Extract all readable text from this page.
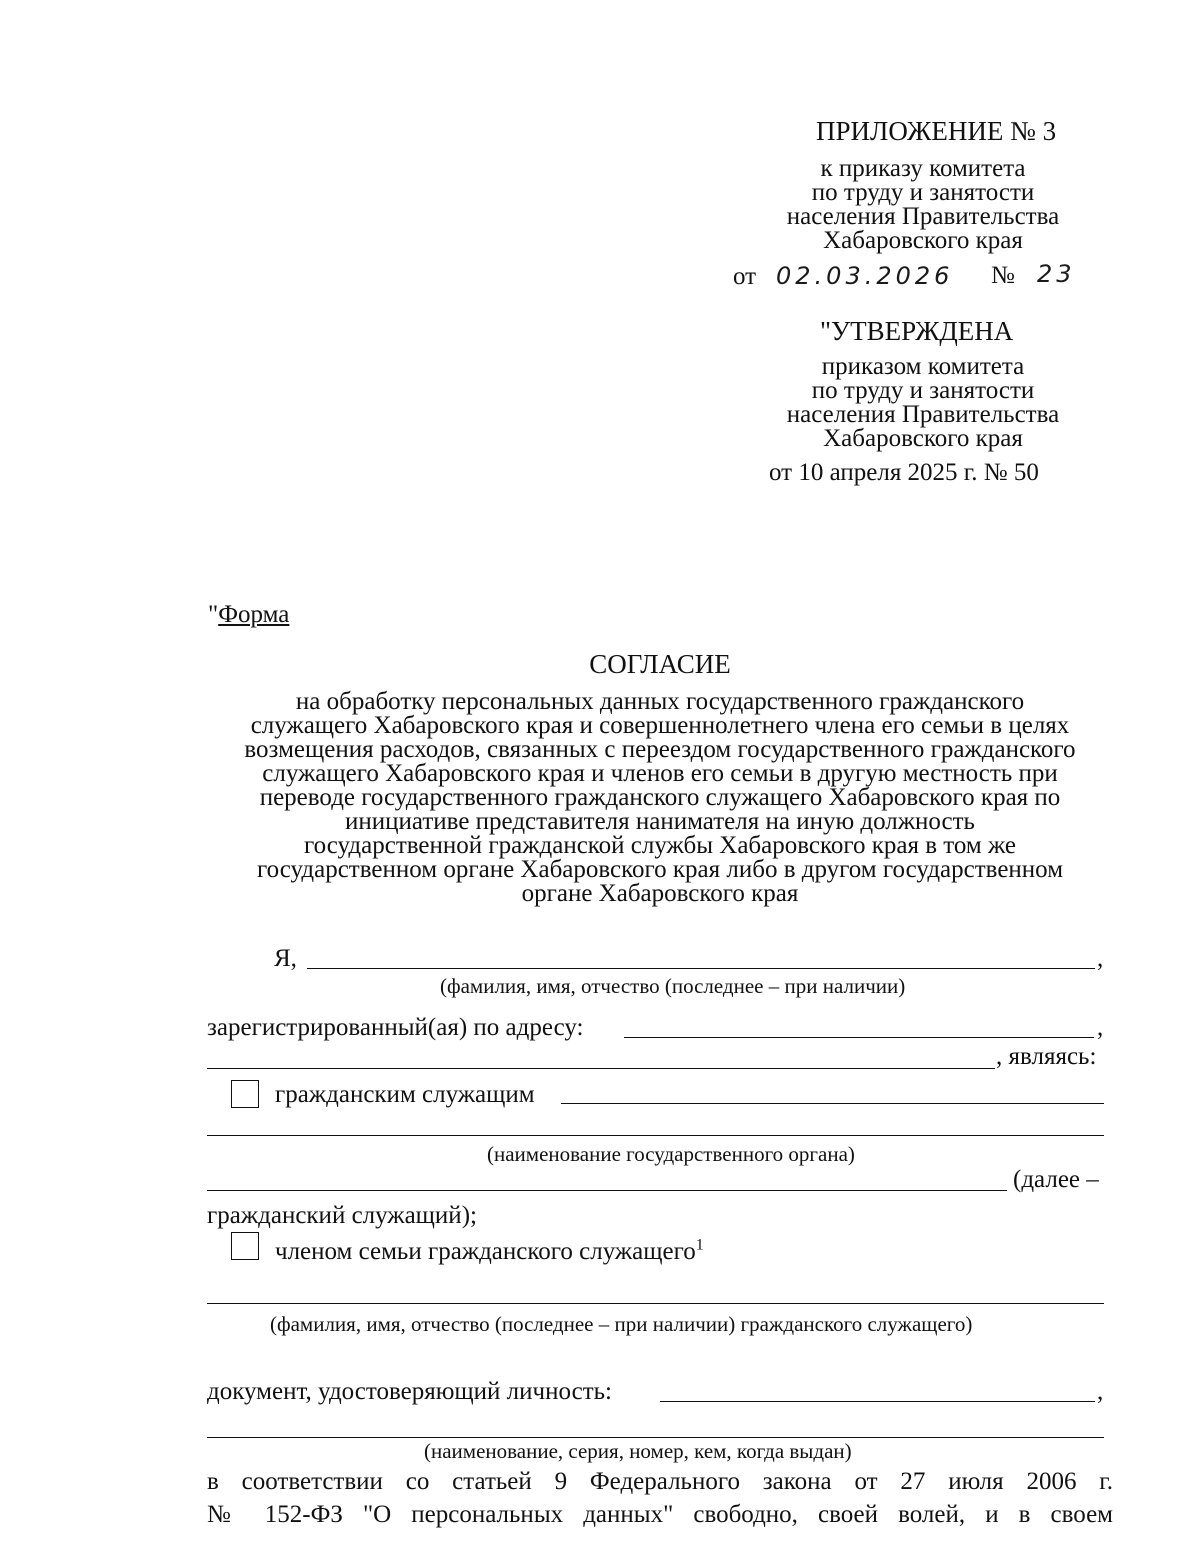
ПРИЛОЖЕНИЕ № 3
к приказу комитета
по труду и занятости
населения Правительства
Хабаровского края
от 02.03.2026 № 23
"УТВЕРЖДЕНА
приказом комитета
по труду и занятости
населения Правительства
Хабаровского края
от 10 апреля 2025 г. № 50
"Форма
СОГЛАСИЕ
на обработку персональных данных государственного гражданского
служащего Хабаровского края и совершеннолетнего члена его семьи в целях
возмещения расходов, связанных с переездом государственного гражданского
служащего Хабаровского края и членов его семьи в другую местность при
переводе государственного гражданского служащего Хабаровского края по
инициативе представителя нанимателя на иную должность
государственной гражданской службы Хабаровского края в том же
государственном органе Хабаровского края либо в другом государственном
органе Хабаровского края
Я,	,
(фамилия, имя, отчество (последнее – при наличии)
зарегистрированный(ая) по адресу:	,
, являясь:
гражданским служащим
(наименование государственного органа)
(далее –
гражданский служащий);
членом семьи гражданского служащего$^1$
(фамилия, имя, отчество (последнее – при наличии) гражданского служащего)
документ, удостоверяющий личность:	,
(наименование, серия, номер, кем, когда выдан)
в соответствии со статьей 9 Федерального закона от 27 июля 2006 г.
№ 152-ФЗ "О персональных данных" свободно, своей волей, и в своем
